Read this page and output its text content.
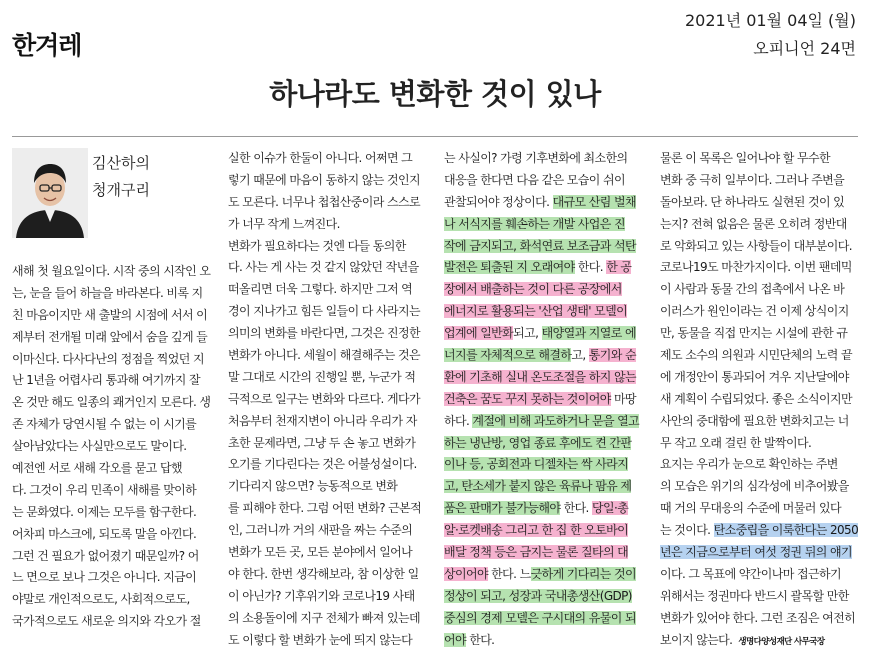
한겨레
2021년 01월 04일 (월)
오피니언 24면
하나라도 변화한 것이 있나
김산하의
청개구리

새해 첫 월요일이다. 시작 중의 시작인 오

는, 눈을 들어 하늘을 바라본다. 비록 지

친 마음이지만 새 출발의 시점에 서서 이

제부터 전개될 미래 앞에서 숨을 깊게 들

이마신다. 다사다난의 정점을 찍었던 지

난 1년을 어렵사리 통과해 여기까지 잘

온 것만 해도 일종의 쾌거인지 모른다. 생

존 자체가 당연시될 수 없는 이 시기를

살아남았다는 사실만으로도 말이다.

예전엔 서로 새해 각오를 묻고 답했

다. 그것이 우리 민족이 새해를 맞이하

는 문화였다. 이제는 모두를 함구한다.

어차피 마스크에, 되도록 말을 아낀다.

그런 건 필요가 없어졌기 때문일까? 어

느 면으로 보나 그것은 아니다. 지금이

야말로 개인적으로도, 사회적으로도,

국가적으로도 새로운 의지와 각오가 절

실한 이슈가 한둘이 아니다. 어쩌면 그

렇기 때문에 마음이 동하지 않는 것인지

도 모른다. 너무나 첩첩산중이라 스스로

가 너무 작게 느껴진다.

변화가 필요하다는 것엔 다들 동의한

다. 사는 게 사는 것 같지 않았던 작년을

떠올리면 더욱 그렇다. 하지만 그저 역

경이 지나가고 힘든 일들이 다 사라지는

의미의 변화를 바란다면, 그것은 진정한

변화가 아니다. 세월이 해결해주는 것은

말 그대로 시간의 진행일 뿐, 누군가 적

극적으로 일구는 변화와 다르다. 게다가

처음부터 천재지변이 아니라 우리가 자

초한 문제라면, 그냥 두 손 놓고 변화가

오기를 기다린다는 것은 어불성설이다.

기다리지 않으면? 능동적으로 변화

를 피해야 한다. 그럼 어떤 변화? 근본적

인, 그러니까 거의 새판을 짜는 수준의

변화가 모든 곳, 모든 분야에서 일어나

야 한다. 한번 생각해보라, 참 이상한 일

이 아닌가? 기후위기와 코로나19 사태

의 소용돌이에 지구 전체가 빠져 있는데

도 이렇다 할 변화가 눈에 띄지 않는다

는 사실이? 가령 기후변화에 최소한의

대응을 한다면 다음 같은 모습이 쉬이

관찰되어야 정상이다. 대규모 산림 벌채

나 서식지를 훼손하는 개발 사업은 진

작에 금지되고, 화석연료 보조금과 석탄

발전은 퇴출된 지 오래여야 한다. 한 공

장에서 배출하는 것이 다른 공장에서

에너지로 활용되는 '산업 생태' 모델이

업계에 일반화되고, 태양열과 지열로 에

너지를 자체적으로 해결하고, 통기와 순

환에 기초해 실내 온도조절을 하지 않는

건축은 꿈도 꾸지 못하는 것이어야 마땅

하다. 계절에 비해 과도하거나 문을 열고

하는 냉난방, 영업 종료 후에도 켠 간판

이나 등, 공회전과 디젤차는 싹 사라지

고, 탄소세가 붙지 않은 육류나 팜유 제

품은 판매가 불가능해야 한다. 당일·총

알·로켓배송 그리고 한 집 한 오토바이

배달 정책 등은 금지는 물론 질타의 대

상이어야 한다. 느긋하게 기다리는 것이

정상이 되고, 성장과 국내총생산(GDP)

중심의 경제 모델은 구시대의 유물이 되

어야 한다.

물론 이 목록은 일어나야 할 무수한

변화 중 극히 일부이다. 그러나 주변을

돌아보라. 단 하나라도 실현된 것이 있

는지? 전혀 없음은 물론 오히려 정반대

로 악화되고 있는 사항들이 대부분이다.

코로나19도 마찬가지이다. 이번 팬데믹

이 사람과 동물 간의 접촉에서 나온 바

이러스가 원인이라는 건 이제 상식이지

만, 동물을 직접 만지는 시설에 관한 규

제도 소수의 의원과 시민단체의 노력 끝

에 개정안이 통과되어 겨우 지난달에야

새 계획이 수립되었다. 좋은 소식이지만

사안의 중대함에 필요한 변화치고는 너

무 작고 오래 걸린 한 발짝이다.

요지는 우리가 눈으로 확인하는 주변

의 모습은 위기의 심각성에 비추어봤을

때 거의 무대응의 수준에 머물러 있다

는 것이다. 탄소중립을 이룩한다는 2050

년은 지금으로부터 여섯 정권 뒤의 얘기

이다. 그 목표에 약간이나마 접근하기

위해서는 정권마다 반드시 괄목할 만한

변화가 있어야 한다. 그런 조짐은 여전히

보이지 않는다. 생명다양성재단 사무국장
